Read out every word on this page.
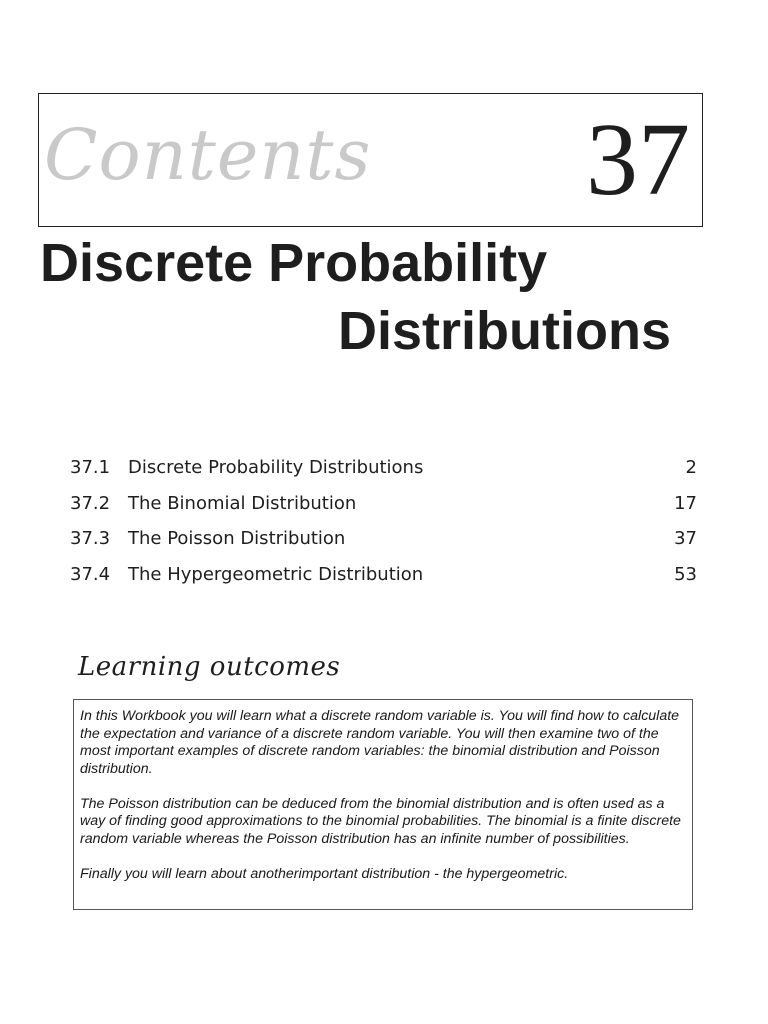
Contents 37
Discrete Probability
Distributions
37.1 Discrete Probability Distributions	2
37.2 The Binomial Distribution	17
37.3 The Poisson Distribution	37
37.4 The Hypergeometric Distribution	53
Learning outcomes

In this Workbook you will learn what a discrete random variable is. You will find how to calculate the expectation and variance of a discrete random variable. You will then examine two of the most important examples of discrete random variables: the binomial distribution and Poisson distribution.

The Poisson distribution can be deduced from the binomial distribution and is often used as a way of finding good approximations to the binomial probabilities. The binomial is a finite discrete random variable whereas the Poisson distribution has an infinite number of possibilities.

Finally you will learn about anotherimportant distribution - the hypergeometric.
